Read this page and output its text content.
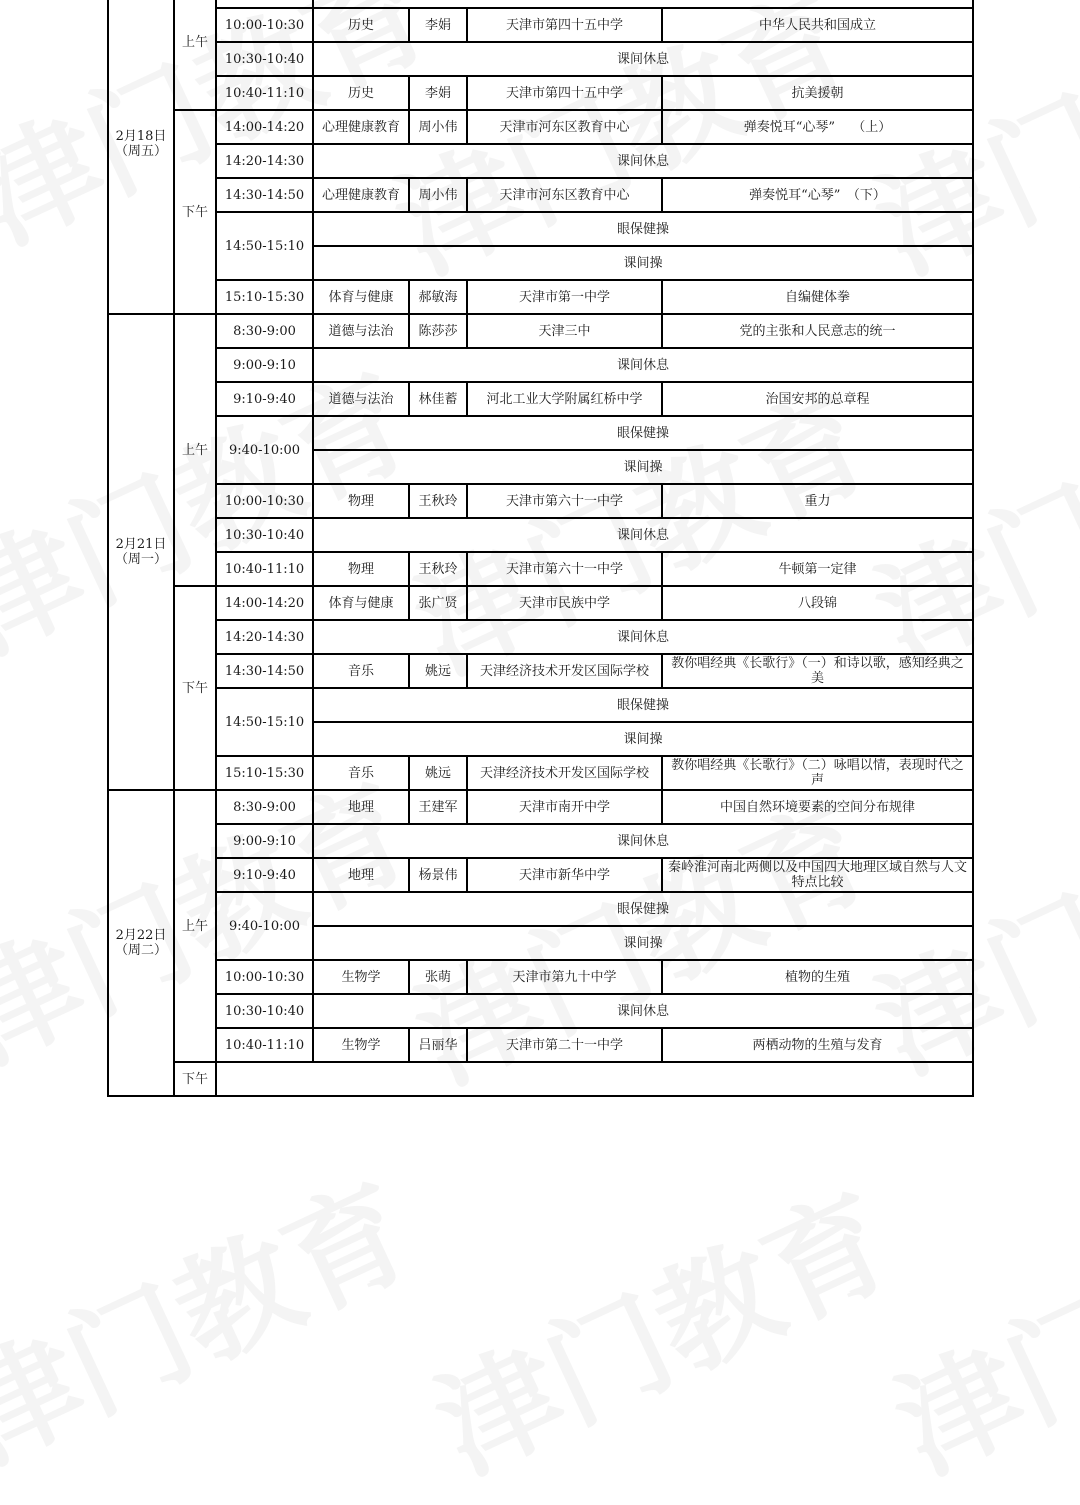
2月18日
（周五）	上午		
		10:00-10:30	历史	李娟	天津市第四十五中学	中华人民共和国成立
		10:30-10:40	课间休息			
		10:40-11:10	历史	李娟	天津市第四十五中学	抗美援朝
	下午	14:00-14:20	心理健康教育	周小伟	天津市河东区教育中心	弹奏悦耳“心琴”　 （上）
		14:20-14:30	课间休息			
		14:30-14:50	心理健康教育	周小伟	天津市河东区教育中心	弹奏悦耳“心琴”　（下）
		14:50-15:10	眼保健操			
			课间操			
		15:10-15:30	体育与健康	郝敏海	天津市第一中学	自编健体拳

2月21日
（周一）	上午	8:30-9:00	道德与法治	陈莎莎	天津三中	党的主张和人民意志的统一
		9:00-9:10	课间休息			
		9:10-9:40	道德与法治	林佳蓄	河北工业大学附属红桥中学	治国安邦的总章程
		9:40-10:00	眼保健操			
			课间操			
		10:00-10:30	物理	王秋玲	天津市第六十一中学	重力
		10:30-10:40	课间休息			
		10:40-11:10	物理	王秋玲	天津市第六十一中学	牛顿第一定律
	下午	14:00-14:20	体育与健康	张广贤	天津市民族中学	八段锦
		14:20-14:30	课间休息			
		14:30-14:50	音乐	姚远	天津经济技术开发区国际学校	教你唱经典《长歌行》（一）和诗以歌，感知经典之美
		14:50-15:10	眼保健操			
			课间操			
		15:10-15:30	音乐	姚远	天津经济技术开发区国际学校	教你唱经典《长歌行》（二）咏唱以情，表现时代之声

2月22日
（周二）	上午	8:30-9:00	地理	王建军	天津市南开中学	中国自然环境要素的空间分布规律
		9:00-9:10	课间休息			
		9:10-9:40	地理	杨景伟	天津市新华中学	秦岭淮河南北两侧以及中国四大地理区域自然与人文特点比较
		9:40-10:00	眼保健操			
			课间操			
		10:00-10:30	生物学	张萌	天津市第九十中学	植物的生殖
		10:30-10:40	课间休息			
		10:40-11:10	生物学	吕丽华	天津市第二十一中学	两栖动物的生殖与发育
	下午					
